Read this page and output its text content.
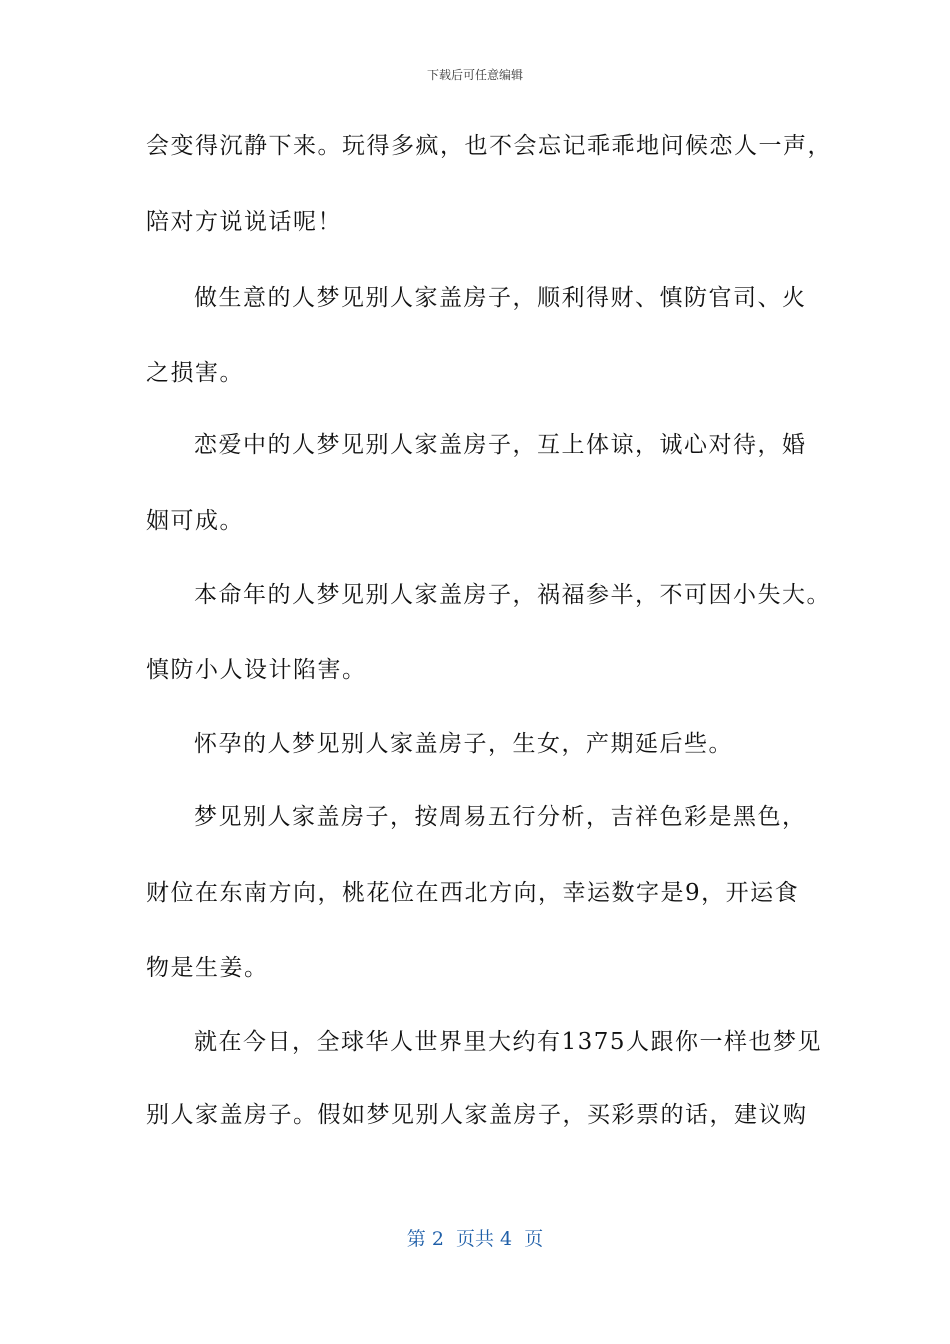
下载后可任意编辑
会变得沉静下来。玩得多疯，也不会忘记乖乖地问候恋人一声，
陪对方说说话呢！
做生意的人梦见别人家盖房子，顺利得财、慎防官司、火
之损害。
恋爱中的人梦见别人家盖房子，互上体谅，诚心对待，婚
姻可成。
本命年的人梦见别人家盖房子，祸福参半，不可因小失大。
慎防小人设计陷害。
怀孕的人梦见别人家盖房子，生女，产期延后些。
梦见别人家盖房子，按周易五行分析，吉祥色彩是黑色，
财位在东南方向，桃花位在西北方向，幸运数字是9，开运食
物是生姜。
就在今日，全球华人世界里大约有1375人跟你一样也梦见
别人家盖房子。假如梦见别人家盖房子，买彩票的话，建议购
第 2  页共 4  页
